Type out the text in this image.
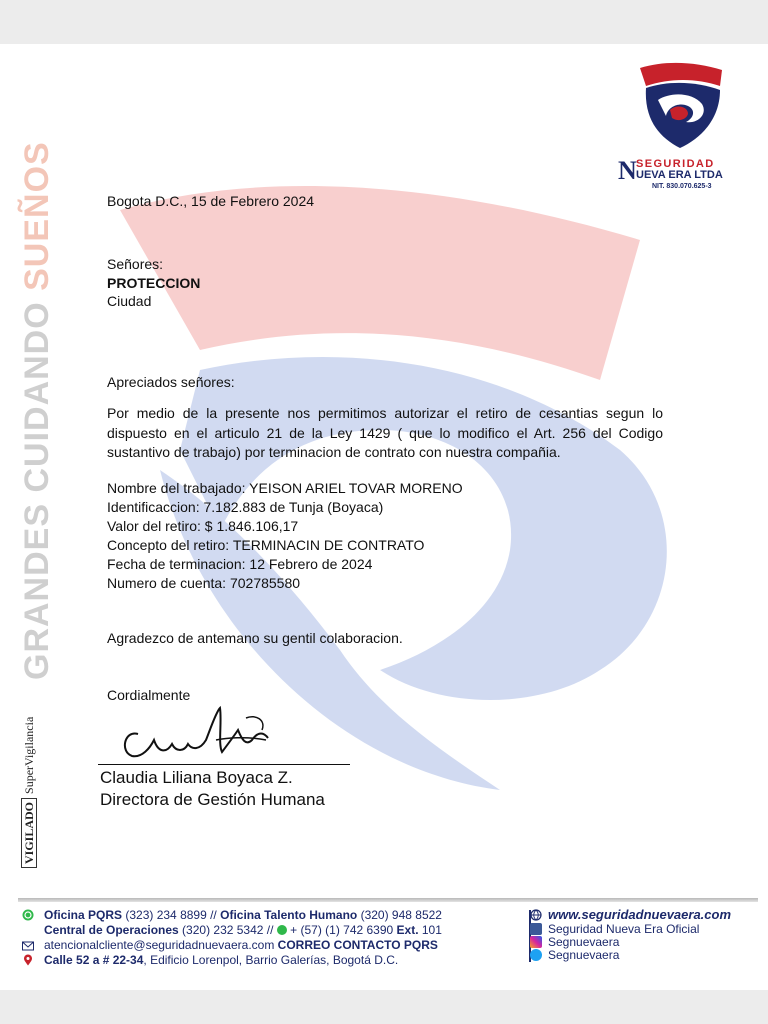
GRANDES CUIDANDO SUEÑOS
VIGILADOSuperVigilancia
N SEGURIDAD
UEVA ERA LTDA
NIT. 830.070.625-3
Bogota D.C., 15 de Febrero 2024
Señores:
PROTECCION
Ciudad
Apreciados señores:
Por medio de la presente nos permitimos autorizar el retiro de cesantias segun lo dispuesto en el articulo 21 de la Ley 1429 ( que lo modifico el Art. 256 del Codigo sustantivo de trabajo) por terminacion de contrato con nuestra compañia.
Nombre del trabajado: YEISON ARIEL TOVAR MORENO
Identificaccion: 7.182.883 de Tunja (Boyaca)
Valor del retiro: $ 1.846.106,17
Concepto del retiro: TERMINACIN DE CONTRATO
Fecha de terminacion: 12 Febrero de 2024
Numero de cuenta: 702785580
Agradezco de antemano su gentil colaboracion.
Cordialmente
Claudia Liliana Boyaca Z.
Directora de Gestión Humana
Oficina PQRS (323) 234 8899 // Oficina Talento Humano (320) 948 8522
Central de Operaciones (320) 232 5342 //  + (57) (1) 742 6390 Ext. 101
atencionalcliente@seguridadnuevaera.com CORREO CONTACTO PQRS
Calle 52 a # 22-34, Edificio Lorenpol, Barrio Galerías, Bogotá D.C.
www.seguridadnuevaera.com
Seguridad Nueva Era Oficial
Segnuevaera
Segnuevaera
